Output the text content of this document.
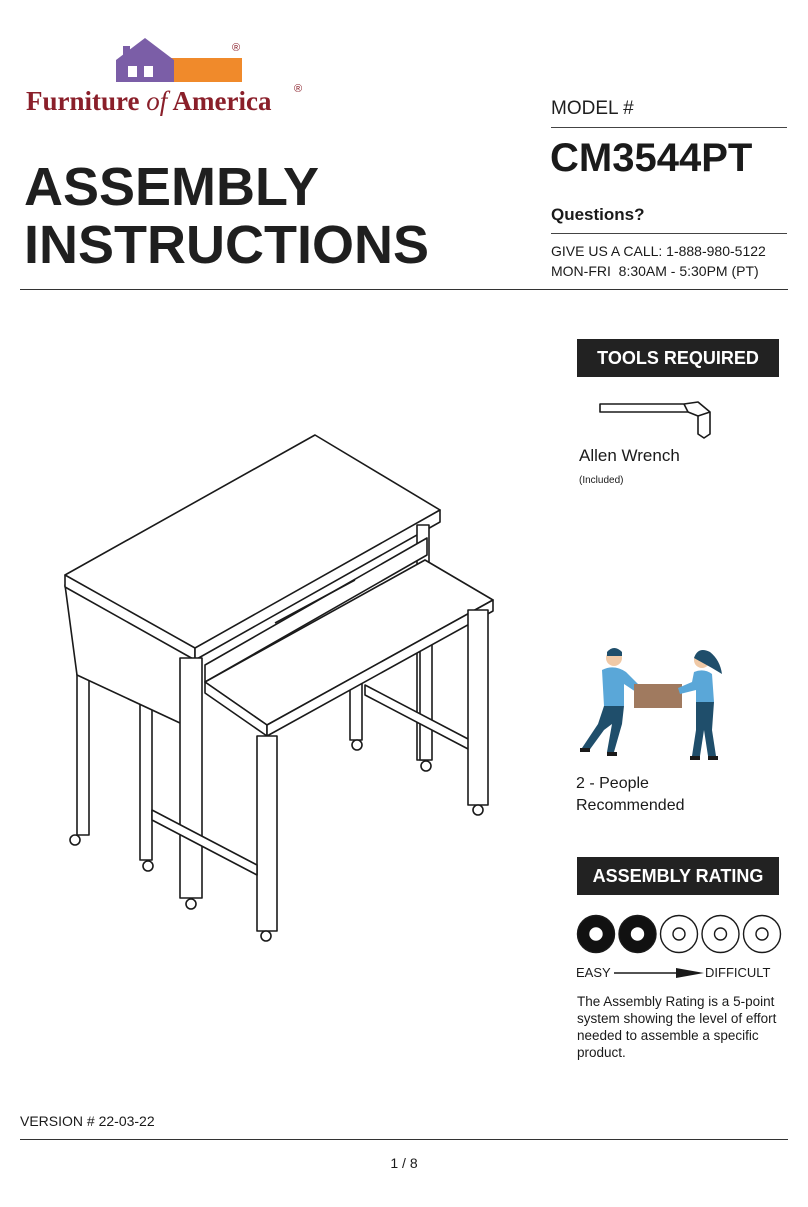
®
Furniture of America ®
ASSEMBLY
INSTRUCTIONS
MODEL #
CM3544PT
Questions?
GIVE US A CALL: 1-888-980-5122
MON-FRI  8:30AM - 5:30PM (PT)
TOOLS REQUIRED
Allen Wrench
(Included)
2 - People
Recommended
ASSEMBLY RATING
EASY	DIFFICULT
The Assembly Rating is a 5-point system showing the level of effort needed to assemble a specific product.
VERSION # 22-03-22
1 / 8
